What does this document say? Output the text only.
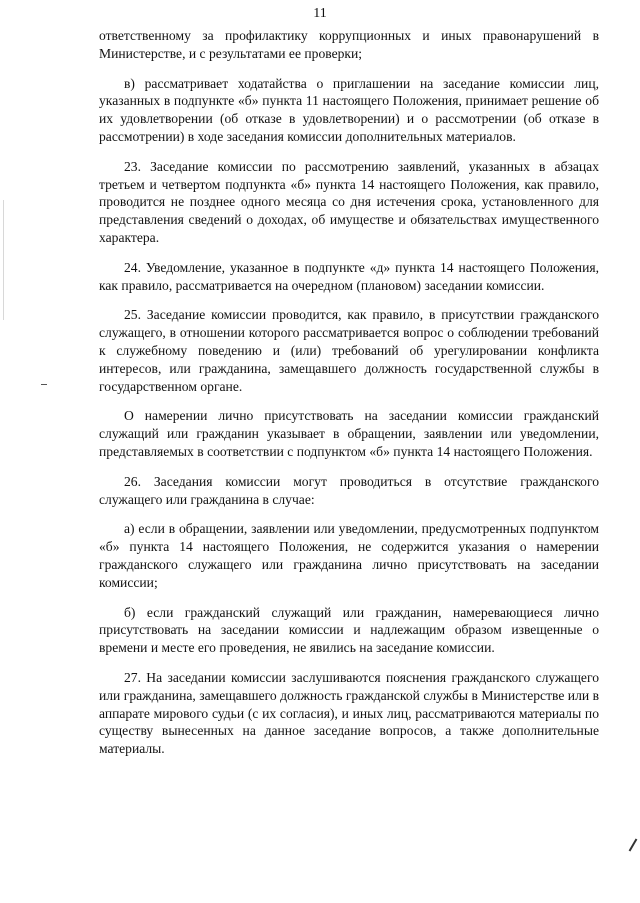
11

ответственному за профилактику коррупционных и иных правонарушений в Министерстве, и с результатами ее проверки;

в) рассматривает ходатайства о приглашении на заседание комиссии лиц, указанных в подпункте «б» пункта 11 настоящего Положения, принимает решение об их удовлетворении (об отказе в удовлетворении) и о рассмотрении (об отказе в рассмотрении) в ходе заседания комиссии дополнительных материалов.

23. Заседание комиссии по рассмотрению заявлений, указанных в абзацах третьем и четвертом подпункта «б» пункта 14 настоящего Положения, как правило, проводится не позднее одного месяца со дня истечения срока, установленного для представления сведений о доходах, об имуществе и обязательствах имущественного характера.

24. Уведомление, указанное в подпункте «д» пункта 14 настоящего Положения, как правило, рассматривается на очередном (плановом) заседании комиссии.

25. Заседание комиссии проводится, как правило, в присутствии гражданского служащего, в отношении которого рассматривается вопрос о соблюдении требований к служебному поведению и (или) требований об урегулировании конфликта интересов, или гражданина, замещавшего должность государственной службы в государственном органе.

О намерении лично присутствовать на заседании комиссии гражданский служащий или гражданин указывает в обращении, заявлении или уведомлении, представляемых в соответствии с подпунктом «б» пункта 14 настоящего Положения.

26. Заседания комиссии могут проводиться в отсутствие гражданского служащего или гражданина в случае:

а) если в обращении, заявлении или уведомлении, предусмотренных подпунктом «б» пункта 14 настоящего Положения, не содержится указания о намерении гражданского служащего или гражданина лично присутствовать на заседании комиссии;

б) если гражданский служащий или гражданин, намеревающиеся лично присутствовать на заседании комиссии и надлежащим образом извещенные о времени и месте его проведения, не явились на заседание комиссии.

27. На заседании комиссии заслушиваются пояснения гражданского служащего или гражданина, замещавшего должность гражданской службы в Министерстве или в аппарате мирового судьи (с их согласия), и иных лиц, рассматриваются материалы по существу вынесенных на данное заседание вопросов, а также дополнительные материалы.
